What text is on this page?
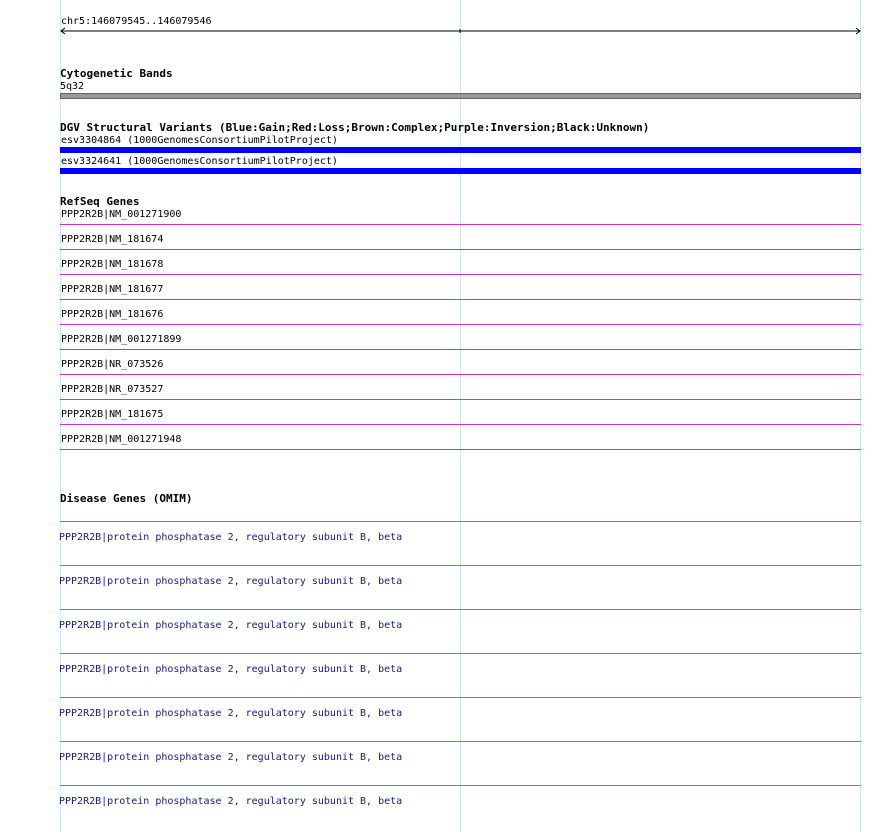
chr5:146079545..146079546
Cytogenetic Bands
5q32
DGV Structural Variants (Blue:Gain;Red:Loss;Brown:Complex;Purple:Inversion;Black:Unknown)
esv3304864 (1000GenomesConsortiumPilotProject)
esv3324641 (1000GenomesConsortiumPilotProject)
RefSeq Genes
PPP2R2B|NM_001271900
PPP2R2B|NM_181674
PPP2R2B|NM_181678
PPP2R2B|NM_181677
PPP2R2B|NM_181676
PPP2R2B|NM_001271899
PPP2R2B|NR_073526
PPP2R2B|NR_073527
PPP2R2B|NM_181675
PPP2R2B|NM_001271948
Disease Genes (OMIM)
PPP2R2B|protein phosphatase 2, regulatory subunit B, beta
PPP2R2B|protein phosphatase 2, regulatory subunit B, beta
PPP2R2B|protein phosphatase 2, regulatory subunit B, beta
PPP2R2B|protein phosphatase 2, regulatory subunit B, beta
PPP2R2B|protein phosphatase 2, regulatory subunit B, beta
PPP2R2B|protein phosphatase 2, regulatory subunit B, beta
PPP2R2B|protein phosphatase 2, regulatory subunit B, beta
